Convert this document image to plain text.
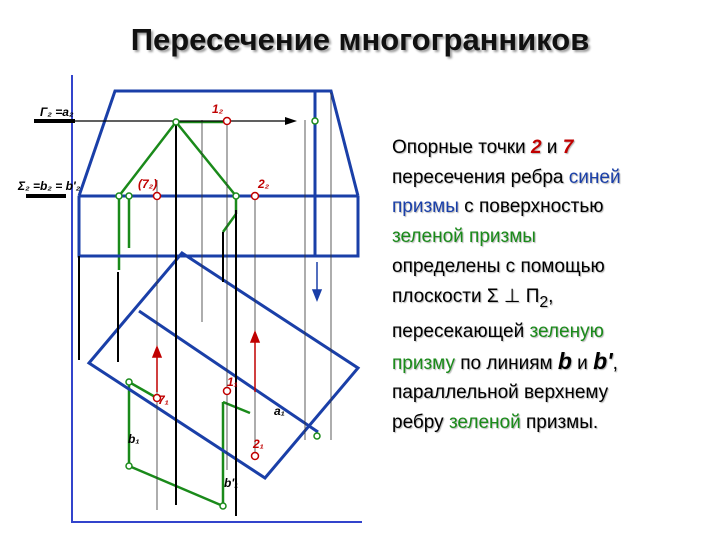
Пересечение многогранников
Г₂ =a₂
Σ₂ =b₂ = b'₂
1₂
(7₂)	2₂
1₁
7₁
a₁
b₁	2₁
b'₁

Опорные точки 2 и 7
пересечения ребра синей
призмы с поверхностью
зеленой призмы
определены с помощью
плоскости Σ ⊥ $П_2$,
пересекающей зеленую
призму по линиям b и b',
параллельной верхнему
ребру зеленой призмы.
